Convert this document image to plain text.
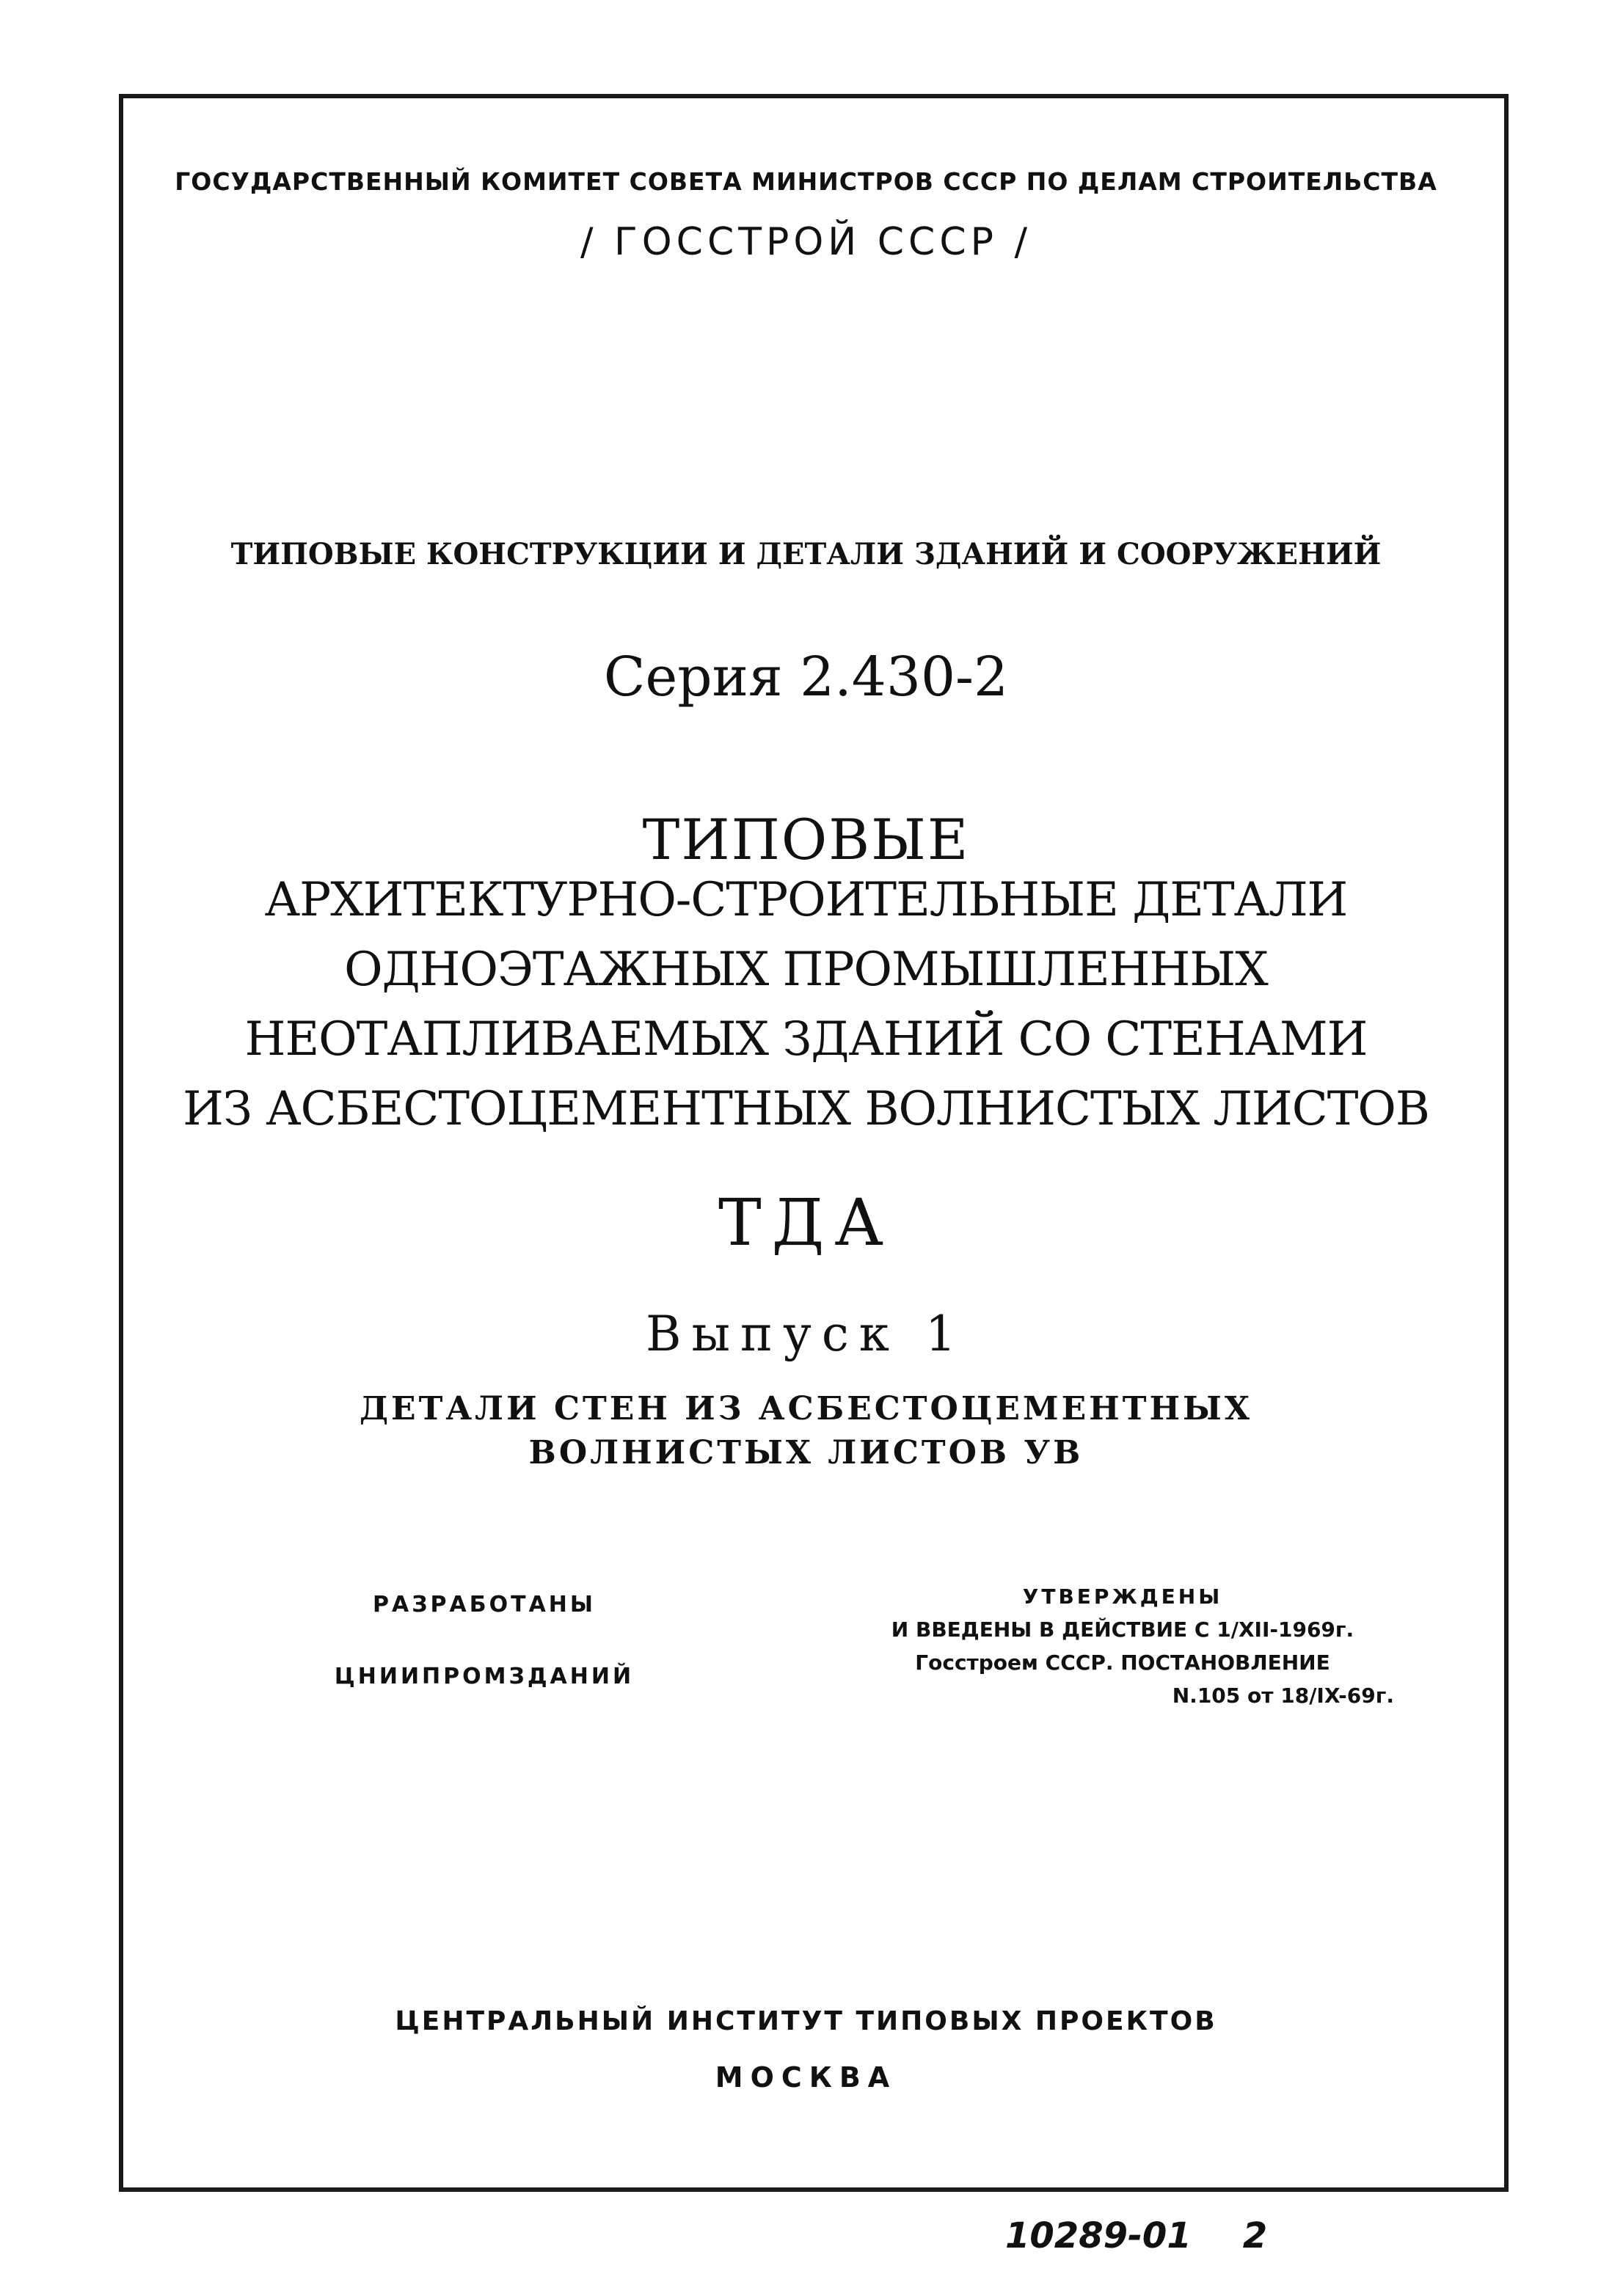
ГОСУДАРСТВЕННЫЙ КОМИТЕТ СОВЕТА МИНИСТРОВ СССР ПО ДЕЛАМ СТРОИТЕЛЬСТВА
/ ГОССТРОЙ СССР /
ТИПОВЫЕ КОНСТРУКЦИИ И ДЕТАЛИ ЗДАНИЙ И СООРУЖЕНИЙ
Серия 2.430-2
ТИПОВЫЕ
АРХИТЕКТУРНО-СТРОИТЕЛЬНЫЕ ДЕТАЛИ
ОДНОЭТАЖНЫХ ПРОМЫШЛЕННЫХ
НЕОТАПЛИВАЕМЫХ ЗДАНИЙ СО СТЕНАМИ
ИЗ АСБЕСТОЦЕМЕНТНЫХ ВОЛНИСТЫХ ЛИСТОВ
ТДА
Выпуск 1
ДЕТАЛИ СТЕН ИЗ АСБЕСТОЦЕМЕНТНЫХ
ВОЛНИСТЫХ ЛИСТОВ УВ
РАЗРАБОТАНЫ
ЦНИИПРОМЗДАНИЙ
УТВЕРЖДЕНЫ
И ВВЕДЕНЫ В ДЕЙСТВИЕ С 1/XII-1969г.
Госстроем СССР. ПОСТАНОВЛЕНИЕ
N.105 от 18/IX-69г.
ЦЕНТРАЛЬНЫЙ ИНСТИТУТ ТИПОВЫХ ПРОЕКТОВ
МОСКВА
10289-01 2
